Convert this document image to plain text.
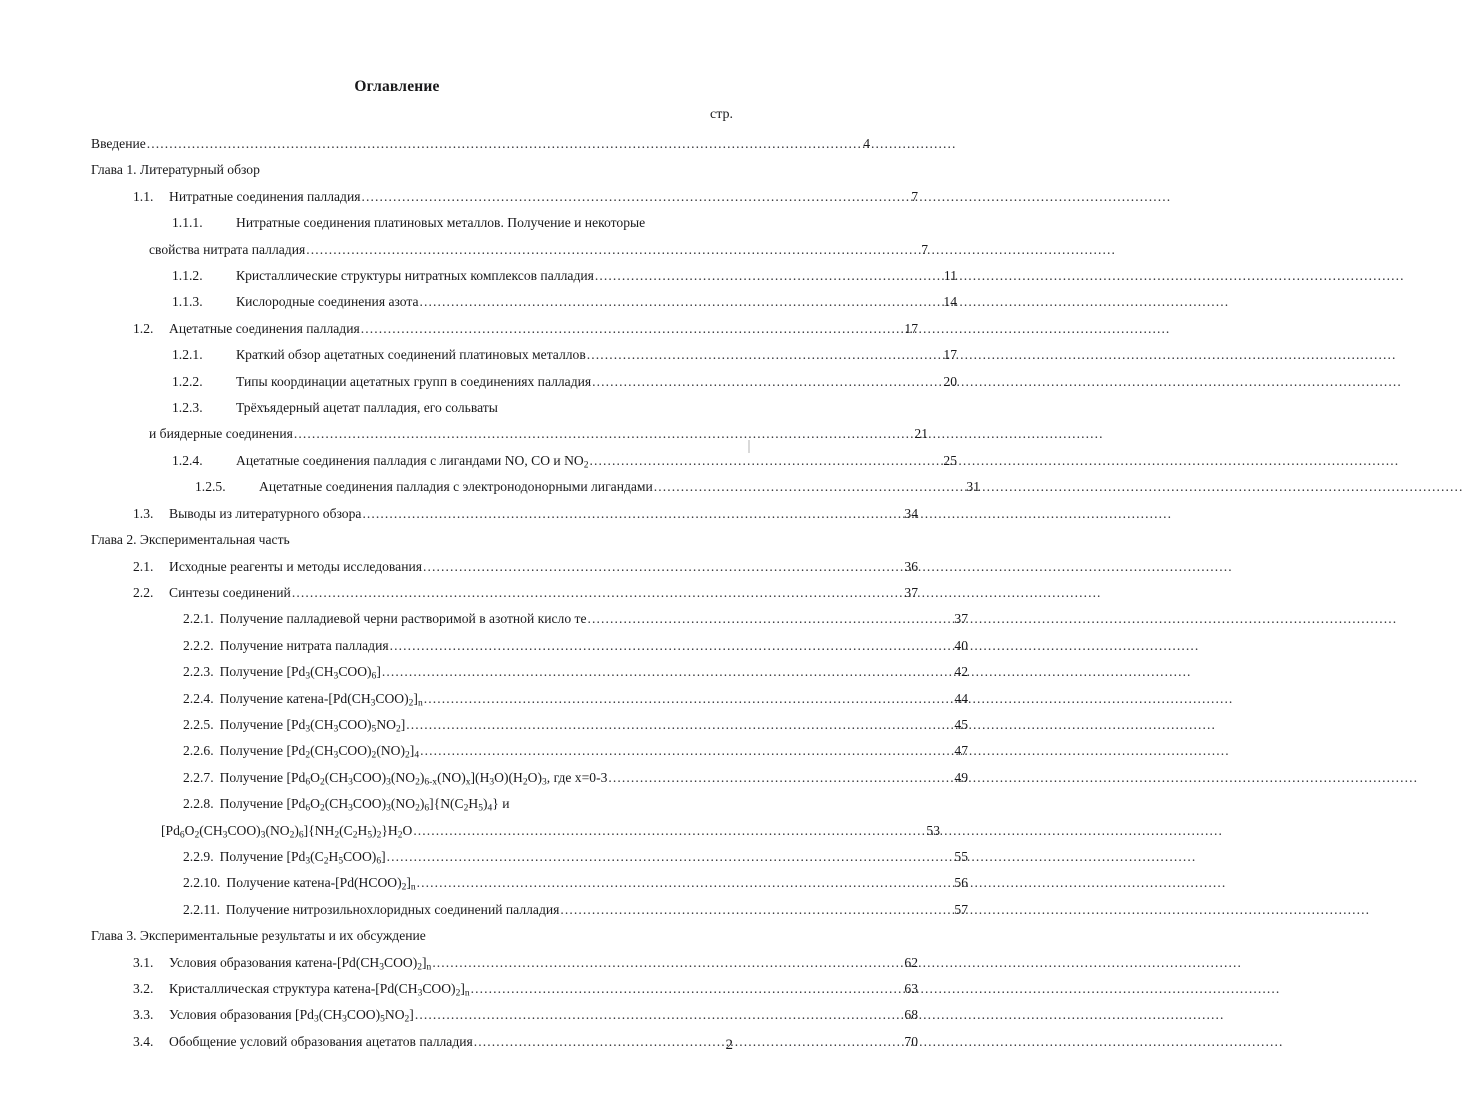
Оглавление
стр.
Введение .....	4
Глава 1. Литературный обзор
1.1.	Нитратные соединения палладия .....	7
1.1.1.	Нитратные соединения платиновых металлов. Получение и некоторые
свойства нитрата палладия .....	7
1.1.2.	Кристаллические структуры нитратных комплексов палладия .....	11
1.1.3.	Кислородные соединения азота .....	14
1.2.	Ацетатные соединения палладия .....	17
1.2.1.	Краткий обзор ацетатных соединений платиновых металлов .....	17
1.2.2.	Типы координации ацетатных групп в соединениях палладия .....	20
1.2.3.	Трёхъядерный ацетат палладия, его сольваты
и биядерные соединения .....	21
1.2.4.	Ацетатные соединения палладия с лигандами NO, CO и $NO_2$ .....	25
1.2.5.	Ацетатные соединения палладия с электронодонорными лигандами .....	31
1.3.	Выводы из литературного обзора .....	34
Глава 2. Экспериментальная часть
2.1.	Исходные реагенты и методы исследования .....	36
2.2.	Синтезы соединений .....	37
2.2.1. Получение палладиевой черни растворимой в азотной кисло те .....	37
2.2.2. Получение нитрата палладия .....	40
2.2.3. Получение $[Pd_3(CH_3COO)_6]$ .....	42
2.2.4. Получение катена-$[Pd(CH_3COO)_2]_n$ .....	44
2.2.5. Получение $[Pd_3(CH_3COO)_5NO_2]$ .....	45
2.2.6. Получение $[Pd_2(CH_3COO)_2(NO)_2]_4$ .....	47
2.2.7. Получение $[Pd_6O_2(CH_3COO)_3(NO_2)_{6-x}(NO)_x](H_3O)(H_2O)_3$, где x=0-3 .....	49
2.2.8. Получение $[Pd_6O_2(CH_3COO)_3(NO_2)_6]\{N(C_2H_5)_4\}$ и
$[Pd_6O_2(CH_3COO)_3(NO_2)_6]\{NH_2(C_2H_5)_2\}H_2O$ .....	53
2.2.9. Получение $[Pd_3(C_2H_5COO)_6]$ .....	55
2.2.10. Получение катена-$[Pd(HCOO)_2]_n$ .....	56
2.2.11. Получение нитрозильнохлоридных соединений палладия .....	57
Глава 3. Экспериментальные результаты и их обсуждение
3.1.	Условия образования катена-$[Pd(CH_3COO)_2]_n$ .....	62
3.2.	Кристаллическая структура катена-$[Pd(CH_3COO)_2]_n$ .....	63
3.3.	Условия образования $[Pd_3(CH_3COO)_5NO_2]$ .....	68
3.4.	Обобщение условий образования ацетатов палладия .....	70
2
